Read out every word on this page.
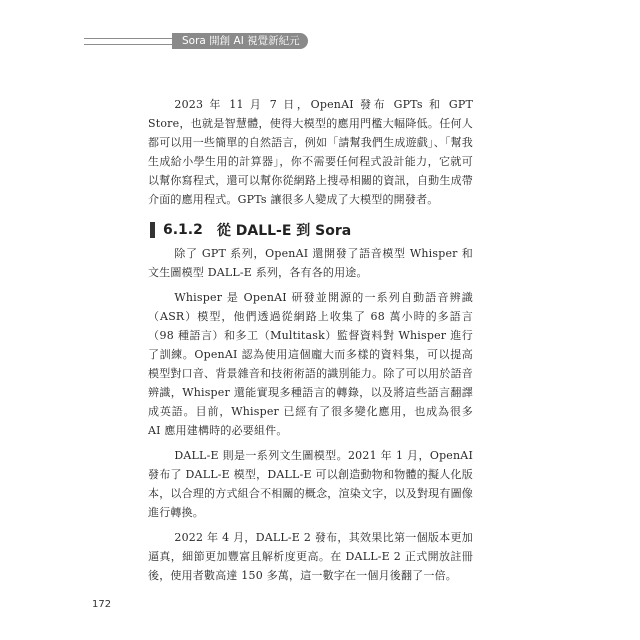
Sora 開創 AI 視覺新紀元

2023 年 11 月 7 日，OpenAI 發布 GPTs 和 GPT Store，也就是智慧體，使得大模型的應用門檻大幅降低。任何人都可以用一些簡單的自然語言，例如「請幫我們生成遊戲」、「幫我生成給小學生用的計算器」，你不需要任何程式設計能力，它就可以幫你寫程式，還可以幫你從網路上搜尋相關的資訊，自動生成帶介面的應用程式。GPTs 讓很多人變成了大模型的開發者。

6.1.2 從 DALL-E 到 Sora

除了 GPT 系列，OpenAI 還開發了語音模型 Whisper 和文生圖模型 DALL-E 系列，各有各的用途。

Whisper 是 OpenAI 研發並開源的一系列自動語音辨識（ASR）模型，他們透過從網路上收集了 68 萬小時的多語言（98 種語言）和多工（Multitask）監督資料對 Whisper 進行了訓練。OpenAI 認為使用這個龐大而多樣的資料集，可以提高模型對口音、背景雜音和技術術語的識別能力。除了可以用於語音辨識，Whisper 還能實現多種語言的轉錄，以及將這些語言翻譯成英語。目前，Whisper 已經有了很多變化應用，也成為很多 AI 應用建構時的必要組件。

DALL-E 則是一系列文生圖模型。2021 年 1 月，OpenAI 發布了 DALL-E 模型，DALL-E 可以創造動物和物體的擬人化版本，以合理的方式組合不相關的概念，渲染文字，以及對現有圖像進行轉換。

2022 年 4 月，DALL-E 2 發布，其效果比第一個版本更加逼真，細節更加豐富且解析度更高。在 DALL-E 2 正式開放註冊後，使用者數高達 150 多萬，這一數字在一個月後翻了一倍。

172
